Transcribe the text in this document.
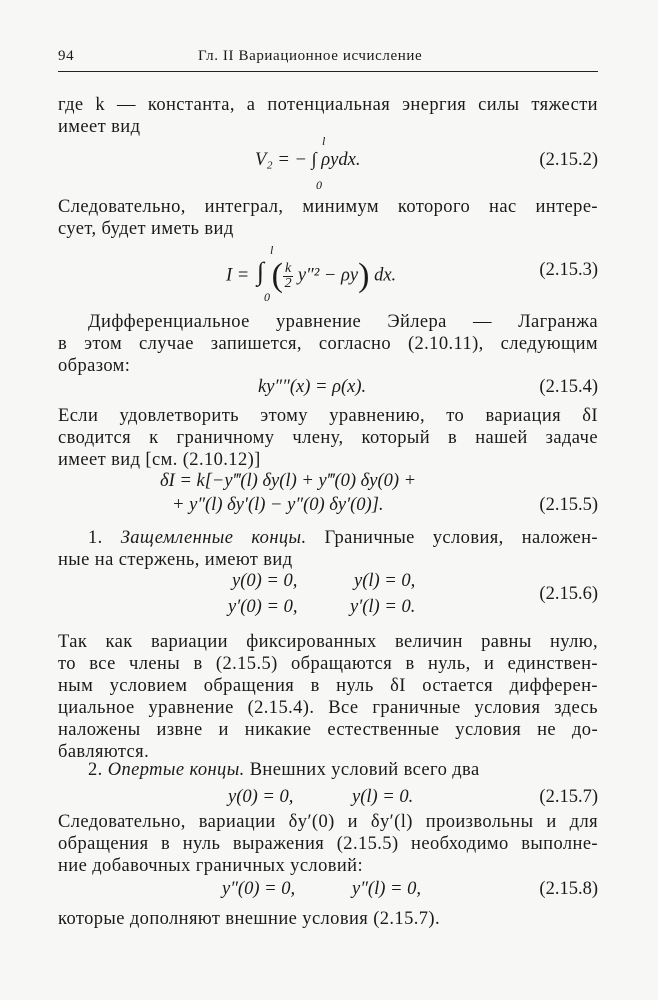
94	Гл. II Вариационное исчисление
где k — константа, а потенциальная энергия силы тяжести
имеет вид
V₂ = − ∫ ρydx.
l
0
(2.15.2)
Следовательно, интеграл, минимум которого нас интере-
сует, будет иметь вид
I = ∫ ( $\frac{k}{2} y''^2 - \rho y$) dx.
l
0
(2.15.3)
Дифференциальное уравнение Эйлера — Лагранжа
в этом случае запишется, согласно (2.10.11), следующим
образом:
ky″″(x) = ρ(x).	(2.15.4)
Если удовлетворить этому уравнению, то вариация δI
сводится к граничному члену, который в нашей задаче
имеет вид [см. (2.10.12)]
δI = k[−y‴(l) δy(l) + y‴(0) δy(0) +
+ y″(l) δy′(l) − y″(0) δy′(0)].	(2.15.5)
1. Защемленные концы. Граничные условия, наложен-
ные на стержень, имеют вид
y(0) = 0,	y(l) = 0,
y′(0) = 0,	y′(l) = 0.
(2.15.6)
Так как вариации фиксированных величин равны нулю,
то все члены в (2.15.5) обращаются в нуль, и единствен-
ным условием обращения в нуль δI остается дифферен-
циальное уравнение (2.15.4). Все граничные условия здесь
наложены извне и никакие естественные условия не до-
бавляются.
2. Опертые концы. Внешних условий всего два
y(0) = 0,	y(l) = 0.	(2.15.7)
Следовательно, вариации δy′(0) и δy′(l) произвольны и для
обращения в нуль выражения (2.15.5) необходимо выполне-
ние добавочных граничных условий:
y″(0) = 0,	y″(l) = 0,	(2.15.8)
которые дополняют внешние условия (2.15.7).
